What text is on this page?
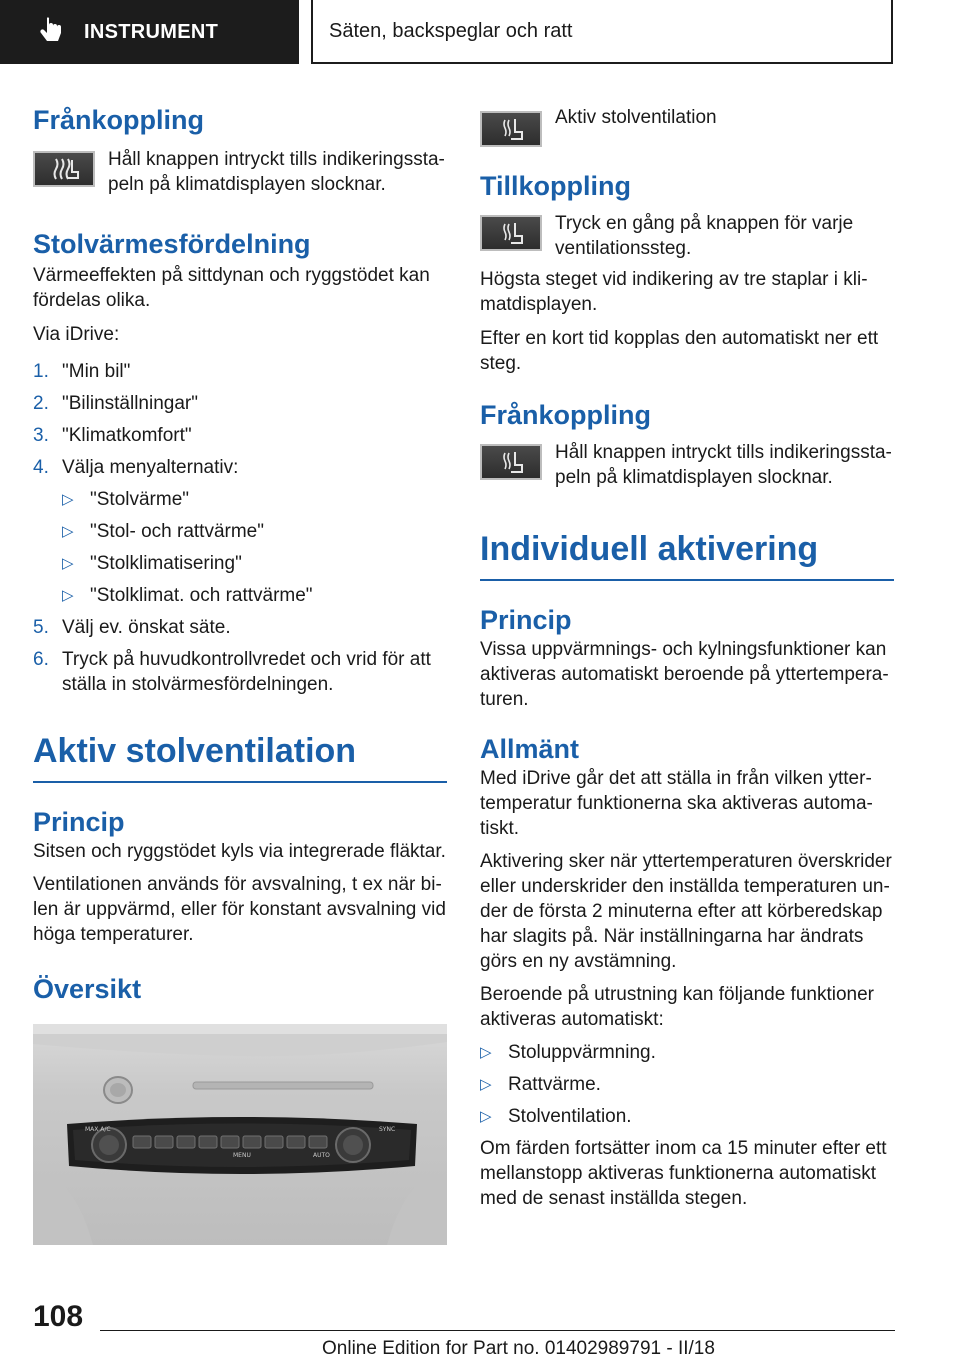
INSTRUMENT	Säten, backspeglar och ratt
Frånkoppling

Håll knappen intryckt tills indikeringsstapeln på klimatdisplayen slocknar.

Stolvärmesfördelning

Värmeeffekten på sittdynan och ryggstödet kan fördelas olika.

Via iDrive:

1. "Min bil"
2. "Bilinställningar"
3. "Klimatkomfort"
4. Välja menyalternativ:
▷ "Stolvärme"
▷ "Stol- och rattvärme"
▷ "Stolklimatisering"
▷ "Stolklimat. och rattvärme"
5. Välj ev. önskat säte.
6. Tryck på huvudkontrollvredet och vrid för att ställa in stolvärmesfördelningen.
Aktiv stolventilation
Princip

Sitsen och ryggstödet kyls via integrerade fläktar.

Ventilationen används för avsvalning, t ex när bilen är uppvärmd, eller för konstant avsvalning vid höga temperaturer.

Översikt
MAX A/C
AUTO
MENU
SYNC

Aktiv stolventilation

Tillkoppling

Tryck en gång på knappen för varje ventilationssteg.

Högsta steget vid indikering av tre staplar i klimatdisplayen.

Efter en kort tid kopplas den automatiskt ner ett steg.

Frånkoppling

Håll knappen intryckt tills indikeringsstapeln på klimatdisplayen slocknar.

Individuell aktivering
Princip

Vissa uppvärmnings- och kylningsfunktioner kan aktiveras automatiskt beroende på yttertemperaturen.

Allmänt

Med iDrive går det att ställa in från vilken yttertemperatur funktionerna ska aktiveras automatiskt.

Aktivering sker när yttertemperaturen överskrider eller underskrider den inställda temperaturen under de första 2 minuterna efter att körberedskap har slagits på. När inställningarna har ändrats görs en ny avstämning.

Beroende på utrustning kan följande funktioner aktiveras automatiskt:

▷ Stoluppvärmning.
▷ Rattvärme.
▷ Stolventilation.

Om färden fortsätter inom ca 15 minuter efter ett mellanstopp aktiveras funktionerna automatiskt med de senast inställda stegen.

108
Online Edition for Part no. 01402989791 - II/18
